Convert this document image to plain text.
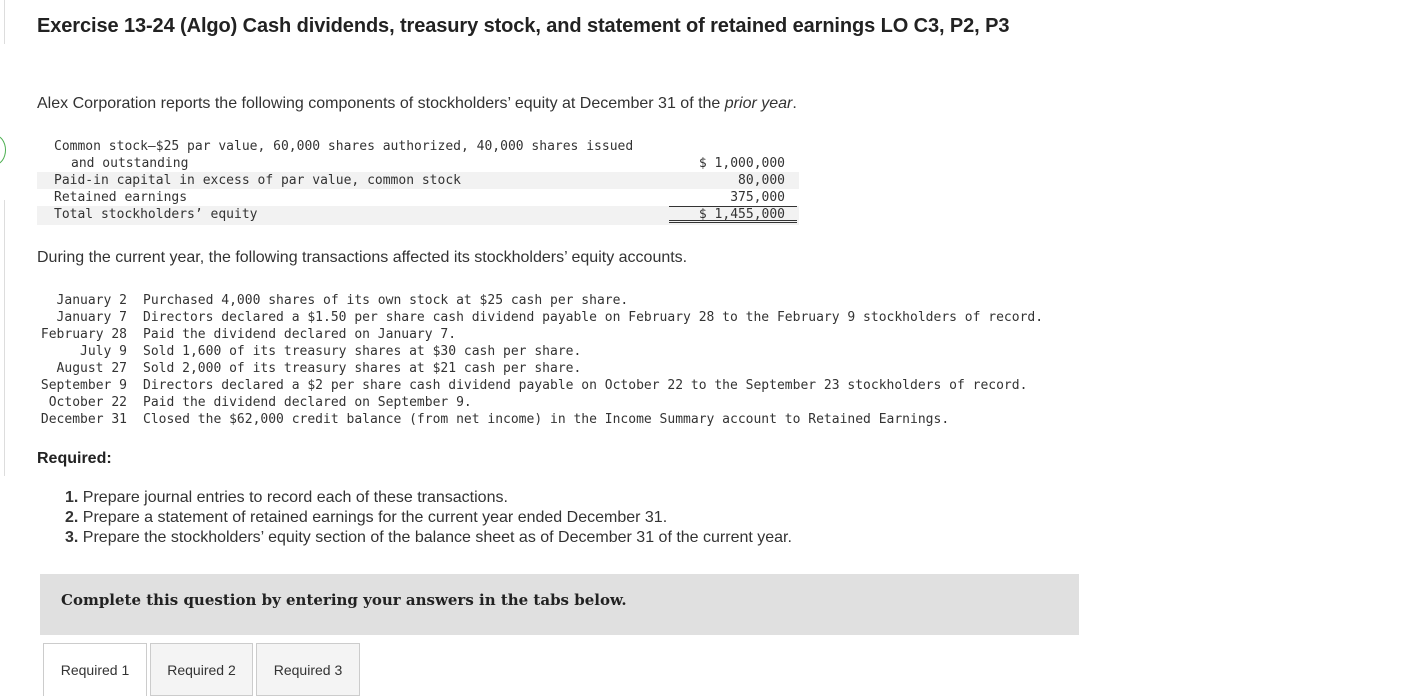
Exercise 13-24 (Algo) Cash dividends, treasury stock, and statement of retained earnings LO C3, P2, P3

Alex Corporation reports the following components of stockholders’ equity at December 31 of the prior year.

Common stock—$25 par value, 60,000 shares authorized, 40,000 shares issued
and outstanding	$ 1,000,000
Paid-in capital in excess of par value, common stock	80,000
Retained earnings	375,000
Total stockholders’ equity	$ 1,455,000

During the current year, the following transactions affected its stockholders’ equity accounts.

January 2 Purchased 4,000 shares of its own stock at $25 cash per share.
January 7 Directors declared a $1.50 per share cash dividend payable on February 28 to the February 9 stockholders of record.
February 28 Paid the dividend declared on January 7.
July 9 Sold 1,600 of its treasury shares at $30 cash per share.
August 27 Sold 2,000 of its treasury shares at $21 cash per share.
September 9 Directors declared a $2 per share cash dividend payable on October 22 to the September 23 stockholders of record.
October 22 Paid the dividend declared on September 9.
December 31 Closed the $62,000 credit balance (from net income) in the Income Summary account to Retained Earnings.
Required:
1. Prepare journal entries to record each of these transactions.
2. Prepare a statement of retained earnings for the current year ended December 31.
3. Prepare the stockholders’ equity section of the balance sheet as of December 31 of the current year.
Complete this question by entering your answers in the tabs below.
Required 1	Required 2	Required 3
